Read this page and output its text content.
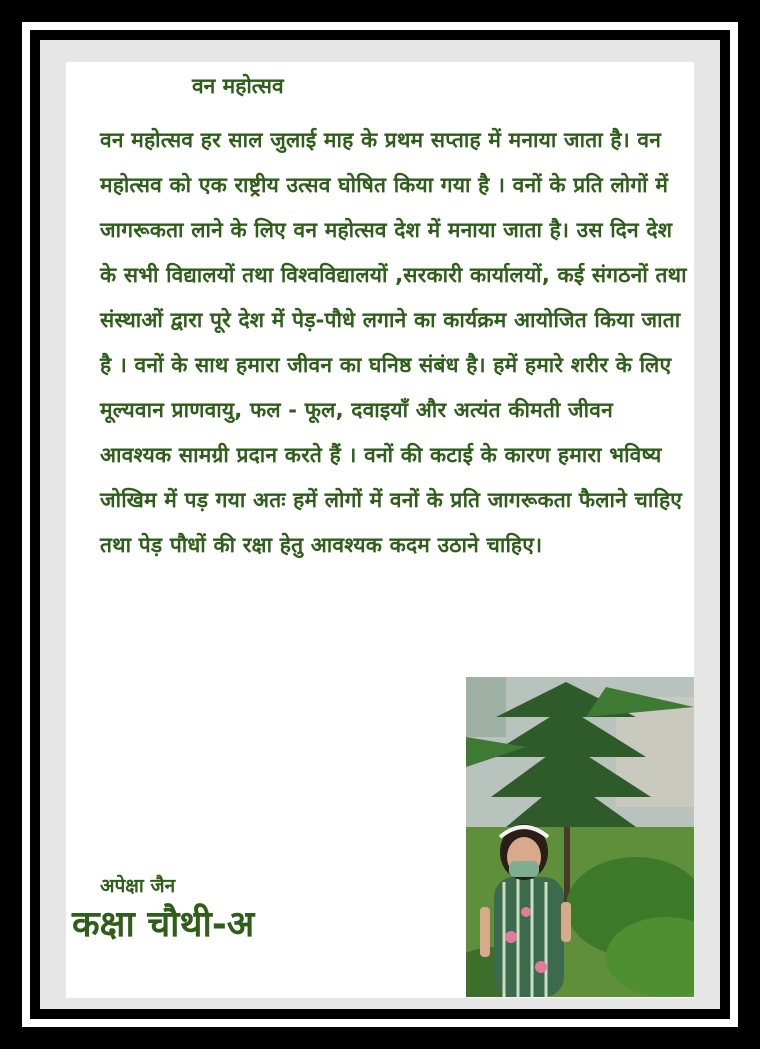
वन महोत्सव

वन महोत्सव हर साल जुलाई माह के प्रथम सप्ताह में मनाया जाता है। वन महोत्सव को एक राष्ट्रीय उत्सव घोषित किया गया है । वनों के प्रति लोगों में जागरूकता लाने के लिए वन महोत्सव देश में मनाया जाता है। उस दिन देश के सभी विद्यालयों तथा विश्वविद्यालयों ,सरकारी कार्यालयों, कई संगठनों तथा संस्थाओं द्वारा पूरे देश में पेड़-पौधे लगाने का कार्यक्रम आयोजित किया जाता है । वनों के साथ हमारा जीवन का घनिष्ठ संबंध है। हमें हमारे शरीर के लिए मूल्यवान प्राणवायु, फल - फूल, दवाइयाँ और अत्यंत कीमती जीवन आवश्यक सामग्री प्रदान करते हैं । वनों की कटाई के कारण हमारा भविष्य जोखिम में पड़ गया अतः हमें लोगों में वनों के प्रति जागरूकता फैलाने चाहिए तथा पेड़ पौधों की रक्षा हेतु आवश्यक कदम उठाने चाहिए।

अपेक्षा जैन

कक्षा चौथी-अ
